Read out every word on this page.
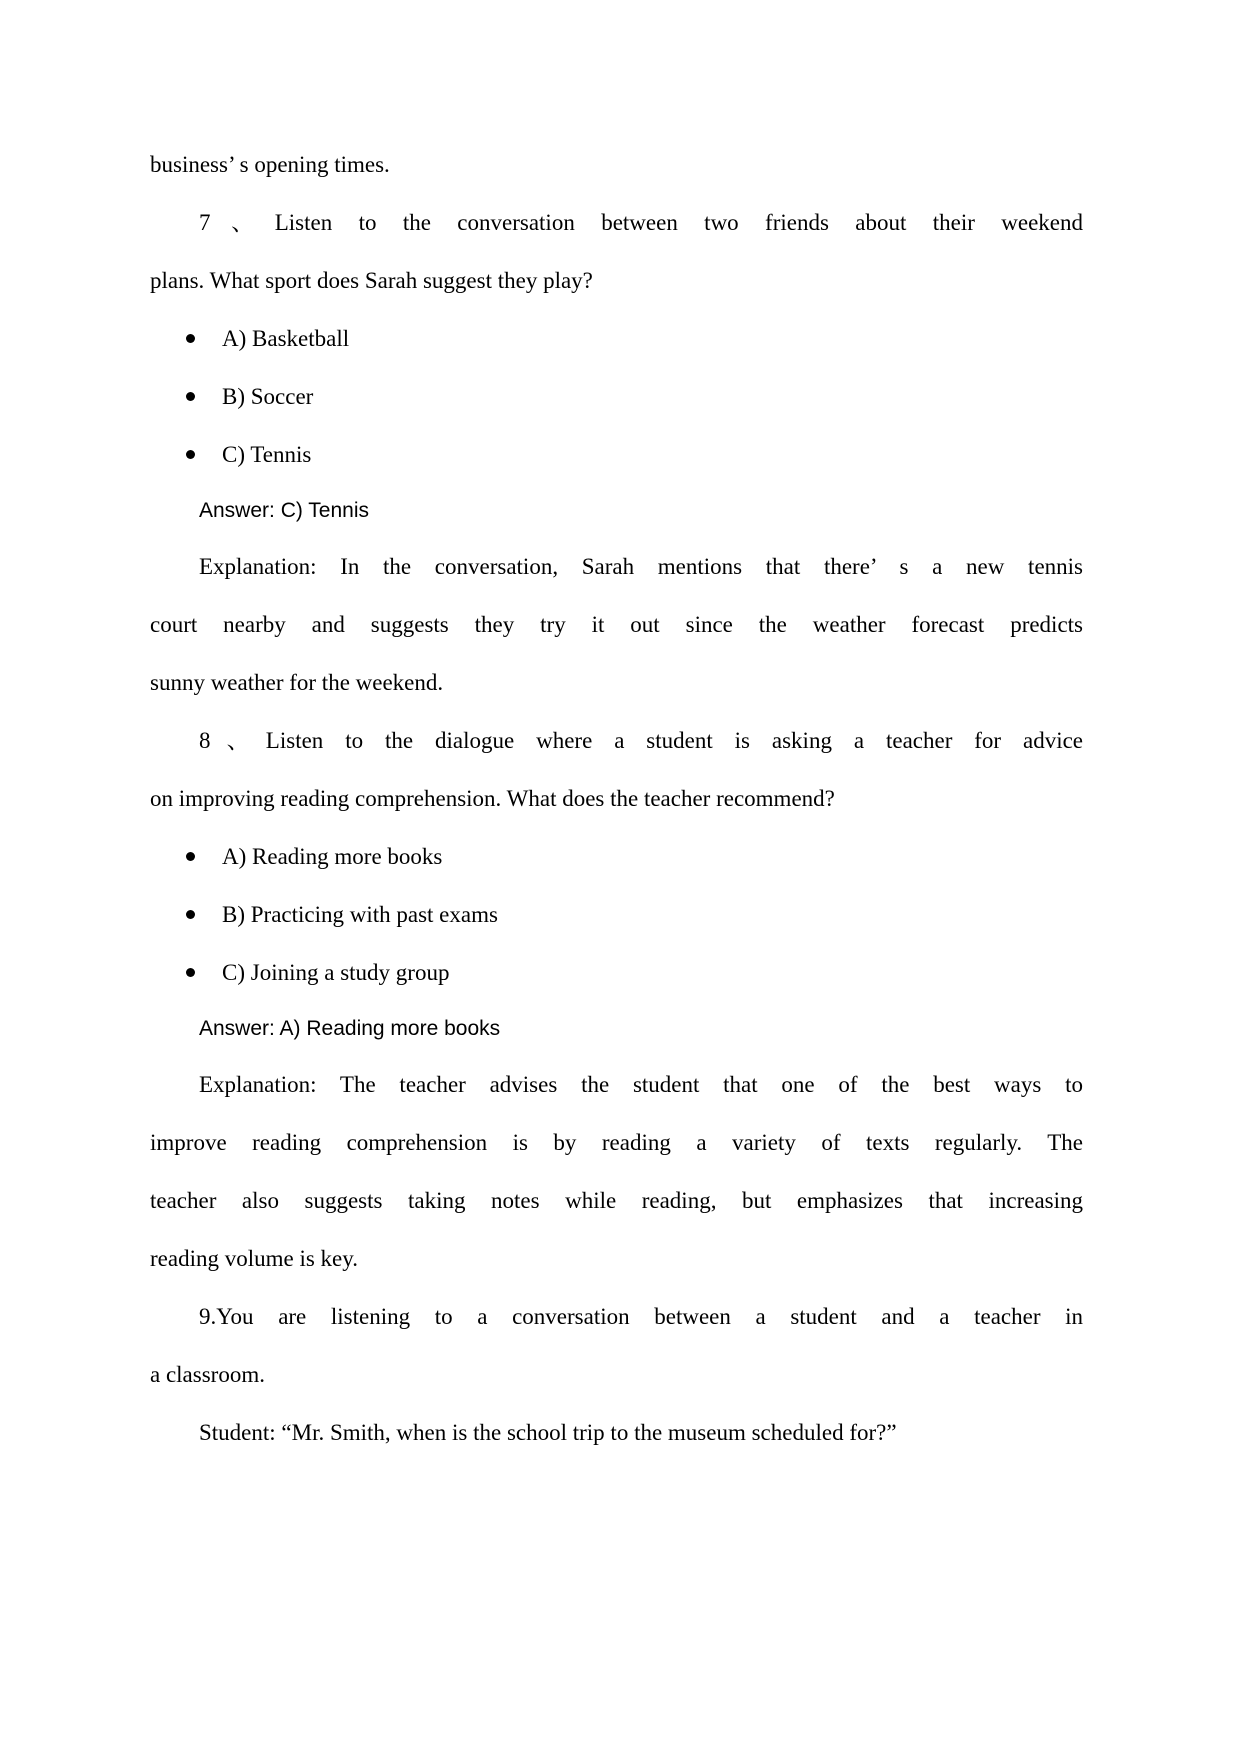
business’ s opening times.
7、Listen to the conversation between two friends about their weekend
plans. What sport does Sarah suggest they play?
A) Basketball
B) Soccer
C) Tennis
Answer: C) Tennis
Explanation: In the conversation, Sarah mentions that there’ s a new tennis
court nearby and suggests they try it out since the weather forecast predicts
sunny weather for the weekend.
8、Listen to the dialogue where a student is asking a teacher for advice
on improving reading comprehension. What does the teacher recommend?
A) Reading more books
B) Practicing with past exams
C) Joining a study group
Answer: A) Reading more books
Explanation: The teacher advises the student that one of the best ways to
improve reading comprehension is by reading a variety of texts regularly. The
teacher also suggests taking notes while reading, but emphasizes that increasing
reading volume is key.
9.You are listening to a conversation between a student and a teacher in
a classroom.
Student: “Mr. Smith, when is the school trip to the museum scheduled for?”
